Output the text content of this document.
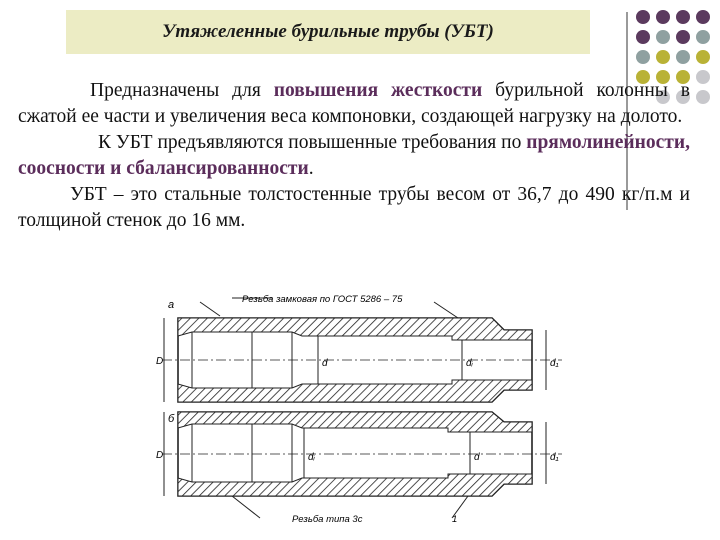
Утяжеленные бурильные трубы (УБТ)

Предназначены для повышения жесткости бурильной колонны в сжатой ее части и увеличения веса компоновки, создающей нагрузку на долото.

К УБТ предъявляются повышенные требования по прямолинейности, соосности и сбалансированности.

УБТ – это стальные толстостенные трубы весом от 36,7 до 490 кг/п.м и толщиной стенок до 16 мм.

а	Резьба замковая по ГОСТ 5286 – 75
D	d	dᵢ	d₁
б
D	dᵢ	d	d₁
Резьба типа 3с	1
